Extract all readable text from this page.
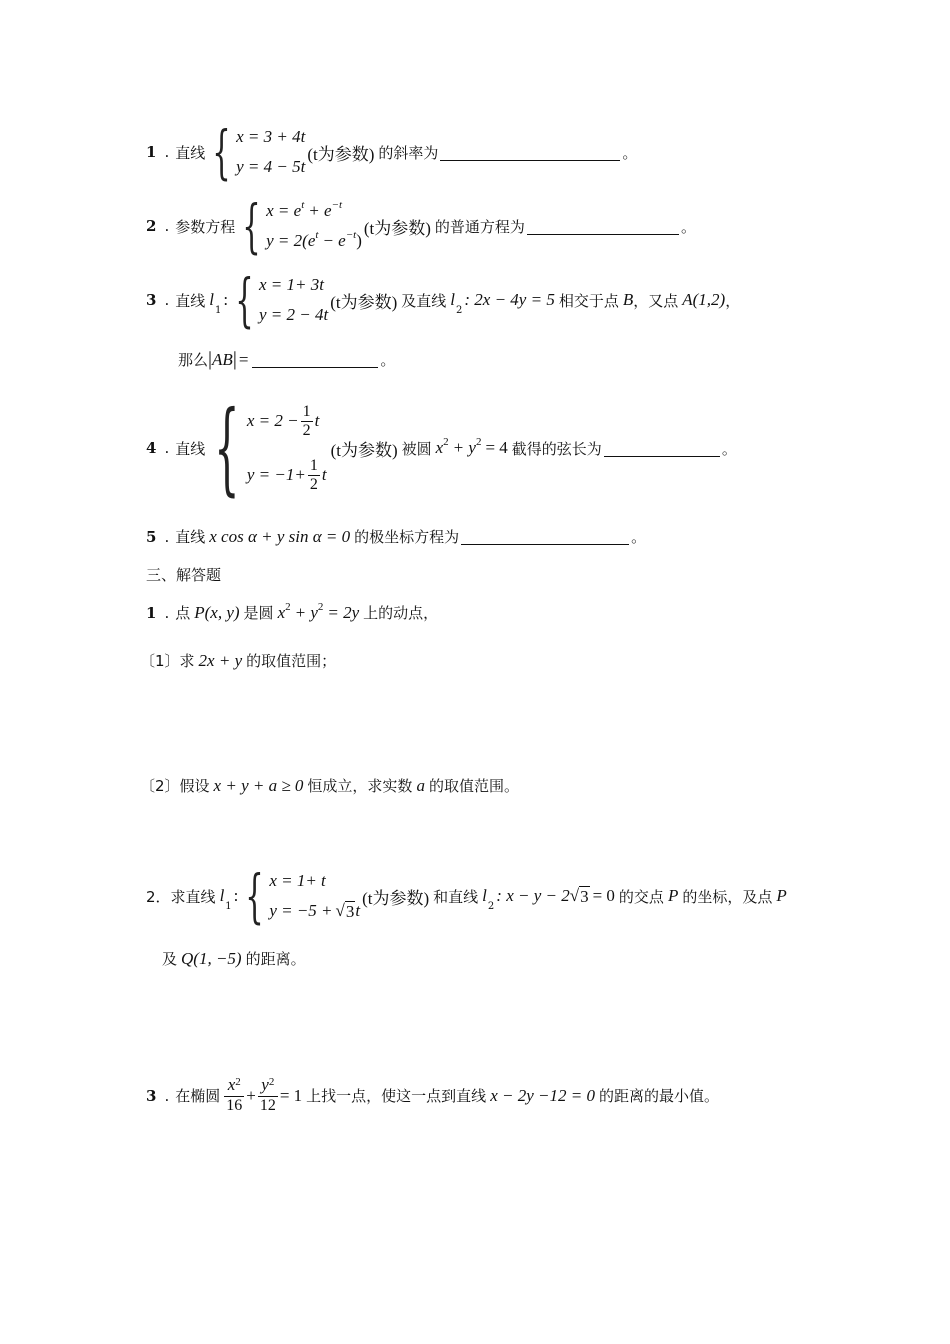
1 . 直线 { x = 3 + 4t
y = 4 − 5t
(t为参数) 的斜率为	。
2 . 参数方程 { x = e t + e −t
y = 2(e t − e −t )
(t为参数) 的普通方程为	。
3 . 直线 l
1
: { x = 1+ 3t
y = 2 − 4t
(t为参数) 及直线 l
2
: 2x − 4y = 5 相交于点 B ，又点 A(1,2) ，
那么 | AB | =	。
4 . 直线 { $x = 2 - \frac{1}{2}$ t
$y = -1+ \frac{1}{2}$ t
(t为参数) 被圆 x 2 + y 2 = 4 截得的弦长为	。
5 . 直线 x cos α + y sin α = 0 的极坐标方程为	。
三、解答题
1 . 点 P(x, y) 是圆 x 2 + y 2 = 2y 上的动点，
〔1〕求 2x + y 的取值范围；
〔2〕假设 x + y + a ≥ 0 恒成立，求实数 a 的取值范围。
2． 求直线 l
1
: { x = 1+ t
y = −5 + √ 3 t
(t为参数) 和直线 l
2
: x − y − 2 √ 3 = 0 的交点 P 的坐标，及点 P
及 Q(1, −5) 的距离。
3 . 在椭圆 $\frac{x^2}{16} + \frac{y^2}{12} = 1$ 上找一点，使这一点到直线 x − 2y −12 = 0 的距离的最小值。
